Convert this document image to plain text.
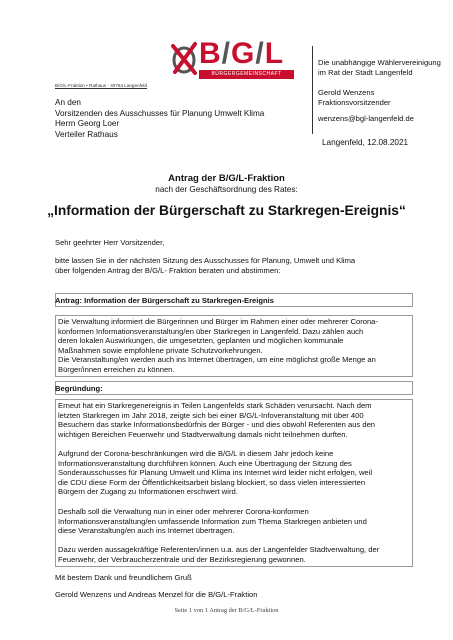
B/G/L
BÜRGERGEMEINSCHAFT LANGENFELD
Die unabhängige Wählervereinigung
im Rat der Stadt Langenfeld
Gerold Wenzens
Fraktionsvorsitzender
wenzens@bgl-langenfeld.de
B/G/L-Fraktion • Rathaus · 40764 Langenfeld
An den
Vorsitzenden des Ausschusses für Planung Umwelt Klima
Herrn Georg Loer
Verteiler Rathaus
Langenfeld, 12.08.2021
Antrag der B/G/L-Fraktion
nach der Geschäftsordnung des Rates:
„Information der Bürgerschaft zu Starkregen-Ereignis“
Sehr geehrter Herr Vorsitzender,
bitte lassen Sie in der nächsten Sitzung des Ausschusses für Planung, Umwelt und Klima
über folgenden Antrag der B/G/L- Fraktion beraten und abstimmen:
Antrag: Information der Bürgerschaft zu Starkregen-Ereignis
Die Verwaltung informiert die Bürgerinnen und Bürger im Rahmen einer oder mehrerer Corona-
konformen Informationsveranstaltung/en über Starkregen in Langenfeld. Dazu zählen auch
deren lokalen Auswirkungen, die umgesetzten, geplanten und möglichen kommunale
Maßnahmen sowie empfohlene private Schutzvorkehrungen.
Die Veranstaltung/en werden auch ins Internet übertragen, um eine möglichst große Menge an
Bürger/innen erreichen zu können.
Begründung:
Erneut hat ein Starkregenereignis in Teilen Langenfelds stark Schäden verursacht. Nach dem
letzten Starkregen im Jahr 2018, zeigte sich bei einer B/G/L-Infoveranstaltung mit über 400
Besuchern das starke Informationsbedürfnis der Bürger - und dies obwohl Referenten aus den
wichtigen Bereichen Feuerwehr und Stadtverwaltung damals nicht teilnehmen durften.
Aufgrund der Corona-beschränkungen wird die B/G/L in diesem Jahr jedoch keine
Informationsveranstaltung durchführen können. Auch eine Übertragung der Sitzung des
Sonderausschusses für Planung Umwelt und Klima ins Internet wird leider nicht erfolgen, weil
die CDU diese Form der Öffentlichkeitsarbeit bislang blockiert, so dass vielen interessierten
Bürgern der Zugang zu Informationen erschwert wird.
Deshalb soll die Verwaltung nun in einer oder mehrerer Corona-konformen
Informationsveranstaltung/en umfassende Information zum Thema Starkregen anbieten und
diese Veranstaltung/en auch ins Internet übertragen.
Dazu werden aussagekräftige Referenten/innen u.a. aus der Langenfelder Stadtverwaltung, der
Feuerwehr, der Verbraucherzentrale und der Bezirksregierung gewonnen.
Mit bestem Dank und freundlichem Gruß
Gerold Wenzens und Andreas Menzel für die B/G/L-Fraktion
Seite 1 von 1 Antrag der B/G/L-Fraktion
